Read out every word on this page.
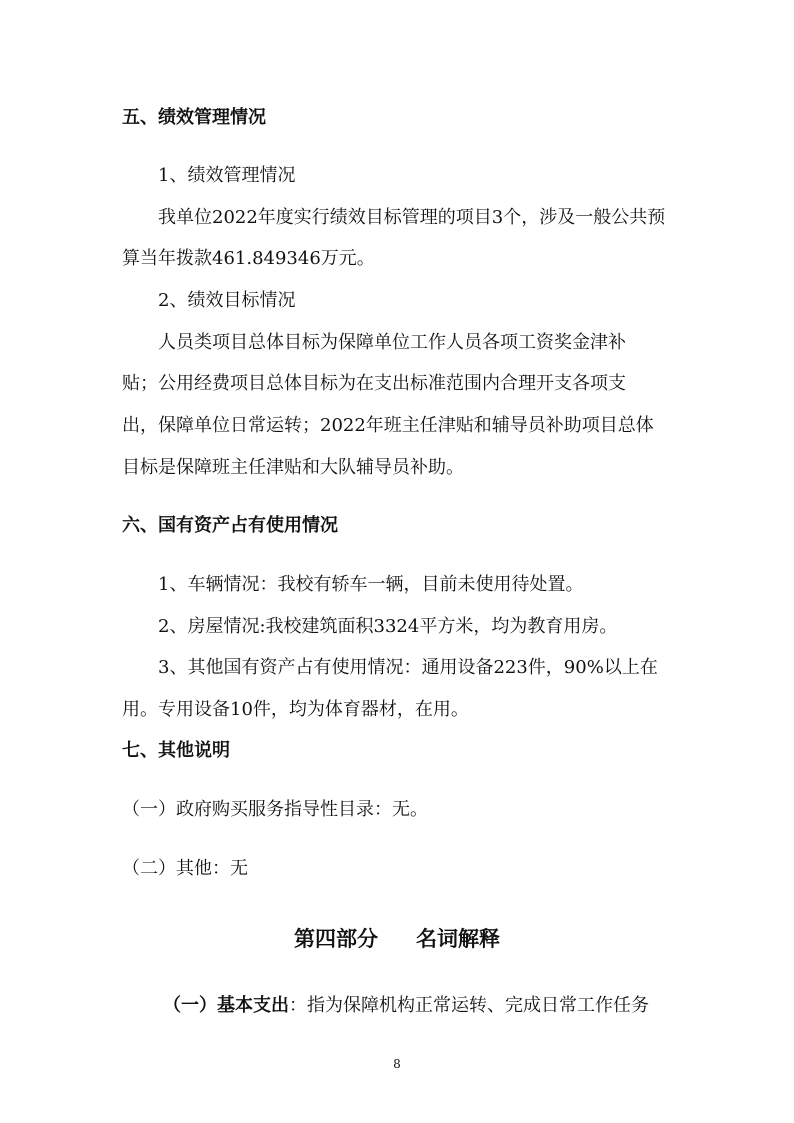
五、绩效管理情况
1、绩效管理情况
我单位2022年度实行绩效目标管理的项目3个，涉及一般公共预
算当年拨款461.849346万元。
2、绩效目标情况
人员类项目总体目标为保障单位工作人员各项工资奖金津补
贴；公用经费项目总体目标为在支出标准范围内合理开支各项支
出，保障单位日常运转；2022年班主任津贴和辅导员补助项目总体
目标是保障班主任津贴和大队辅导员补助。
六、国有资产占有使用情况
1、车辆情况：我校有轿车一辆，目前未使用待处置。
2、房屋情况:我校建筑面积3324平方米，均为教育用房。
3、其他国有资产占有使用情况：通用设备223件，90%以上在
用。专用设备10件，均为体育器材，在用。
七、其他说明
（一）政府购买服务指导性目录：无。
（二）其他：无
第四部分 名词解释
（一）基本支出：指为保障机构正常运转、完成日常工作任务
8
